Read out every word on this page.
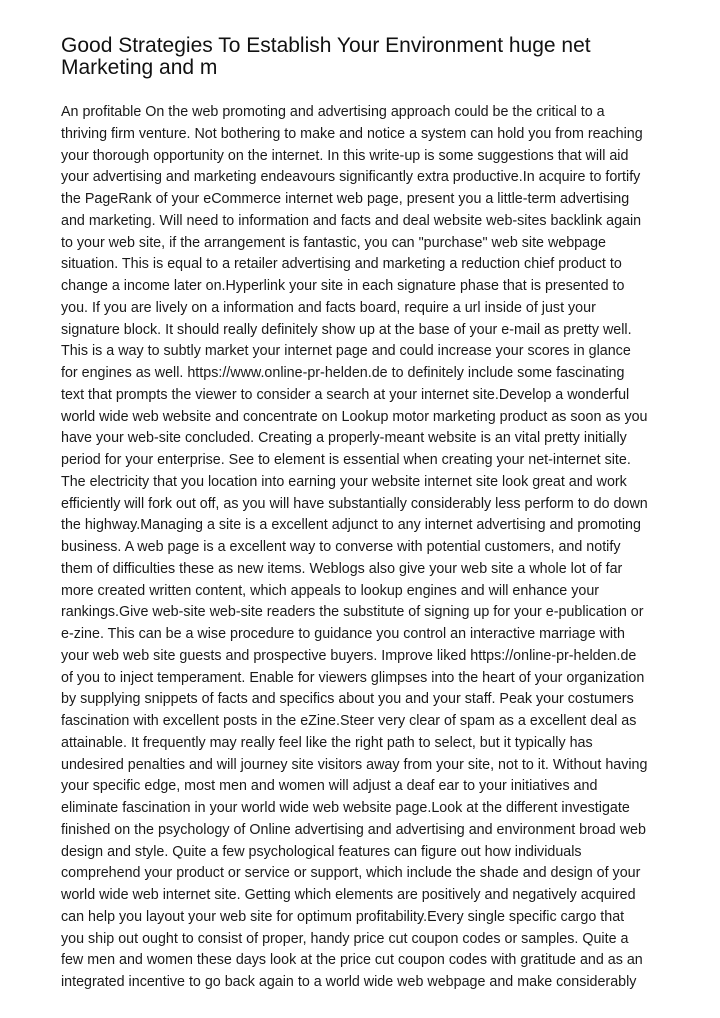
Good Strategies To Establish Your Environment huge net
Marketing and m
An profitable On the web promoting and advertising approach could be the critical to a
thriving firm venture. Not bothering to make and notice a system can hold you from reaching
your thorough opportunity on the internet. In this write-up is some suggestions that will aid
your advertising and marketing endeavours significantly extra productive.In acquire to fortify
the PageRank of your eCommerce internet web page, present you a little-term advertising
and marketing. Will need to information and facts and deal website web-sites backlink again
to your web site, if the arrangement is fantastic, you can "purchase" web site webpage
situation. This is equal to a retailer advertising and marketing a reduction chief product to
change a income later on.Hyperlink your site in each signature phase that is presented to
you. If you are lively on a information and facts board, require a url inside of just your
signature block. It should really definitely show up at the base of your e-mail as pretty well.
This is a way to subtly market your internet page and could increase your scores in glance
for engines as well. https://www.online-pr-helden.de to definitely include some fascinating
text that prompts the viewer to consider a search at your internet site.Develop a wonderful
world wide web website and concentrate on Lookup motor marketing product as soon as you
have your web-site concluded. Creating a properly-meant website is an vital pretty initially
period for your enterprise. See to element is essential when creating your net-internet site.
The electricity that you location into earning your website internet site look great and work
efficiently will fork out off, as you will have substantially considerably less perform to do down
the highway.Managing a site is a excellent adjunct to any internet advertising and promoting
business. A web page is a excellent way to converse with potential customers, and notify
them of difficulties these as new items. Weblogs also give your web site a whole lot of far
more created written content, which appeals to lookup engines and will enhance your
rankings.Give web-site web-site readers the substitute of signing up for your e-publication or
e-zine. This can be a wise procedure to guidance you control an interactive marriage with
your web web site guests and prospective buyers. Improve liked https://online-pr-helden.de
of you to inject temperament. Enable for viewers glimpses into the heart of your organization
by supplying snippets of facts and specifics about you and your staff. Peak your costumers
fascination with excellent posts in the eZine.Steer very clear of spam as a excellent deal as
attainable. It frequently may really feel like the right path to select, but it typically has
undesired penalties and will journey site visitors away from your site, not to it. Without having
your specific edge, most men and women will adjust a deaf ear to your initiatives and
eliminate fascination in your world wide web website page.Look at the different investigate
finished on the psychology of Online advertising and advertising and environment broad web
design and style. Quite a few psychological features can figure out how individuals
comprehend your product or service or support, which include the shade and design of your
world wide web internet site. Getting which elements are positively and negatively acquired
can help you layout your web site for optimum profitability.Every single specific cargo that
you ship out ought to consist of proper, handy price cut coupon codes or samples. Quite a
few men and women these days look at the price cut coupon codes with gratitude and as an
integrated incentive to go back again to a world wide web webpage and make considerably
